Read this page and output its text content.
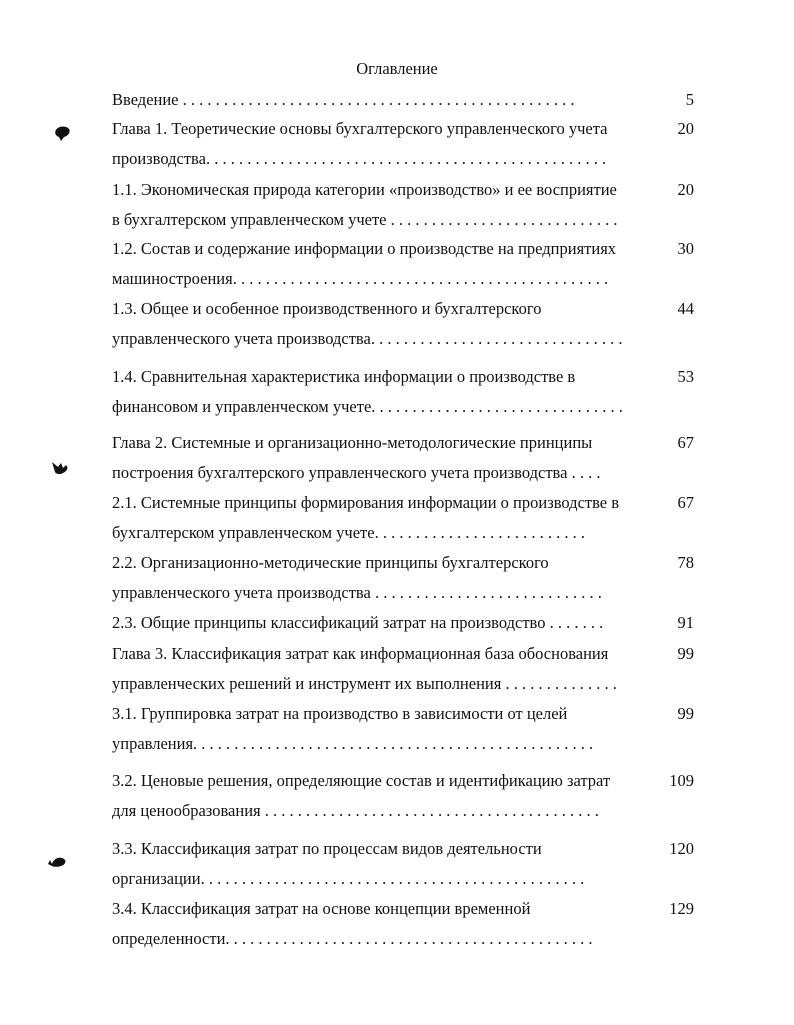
Оглавление
Введение . . . . . . . . . . . . . . . . . . . . . . . . . . . . . . . . . . . . . . . . . . . . . . . .	5
Глава 1. Теоретические основы бухгалтерского управленческого учета
производства. . . . . . . . . . . . . . . . . . . . . . . . . . . . . . . . . . . . . . . . . . . . . . . . .
20
1.1. Экономическая природа категории «производство» и ее восприятие
в бухгалтерском управленческом учете . . . . . . . . . . . . . . . . . . . . . . . . . . . .
20
1.2. Состав и содержание информации о производстве на предприятиях
машиностроения. . . . . . . . . . . . . . . . . . . . . . . . . . . . . . . . . . . . . . . . . . . . . .
30
1.3. Общее и особенное производственного и бухгалтерского
управленческого учета производства. . . . . . . . . . . . . . . . . . . . . . . . . . . . . . .
44
1.4. Сравнительная характеристика информации о производстве в
финансовом и управленческом учете. . . . . . . . . . . . . . . . . . . . . . . . . . . . . . .
53
Глава 2. Системные и организационно-методологические принципы
построения бухгалтерского управленческого учета производства . . . .
67
2.1. Системные принципы формирования информации о производстве в
бухгалтерском управленческом учете. . . . . . . . . . . . . . . . . . . . . . . . . .
67
2.2. Организационно-методические принципы бухгалтерского
управленческого учета производства . . . . . . . . . . . . . . . . . . . . . . . . . . . .
78
2.3. Общие принципы классификаций затрат на производство . . . . . . .	91
Глава 3. Классификация затрат как информационная база обоснования
управленческих решений и инструмент их выполнения . . . . . . . . . . . . . .
99
3.1. Группировка затрат на производство в зависимости от целей
управления. . . . . . . . . . . . . . . . . . . . . . . . . . . . . . . . . . . . . . . . . . . . . . . . .
99
3.2. Ценовые решения, определяющие состав и идентификацию затрат
для ценообразования . . . . . . . . . . . . . . . . . . . . . . . . . . . . . . . . . . . . . . . . .
109
3.3. Классификация затрат по процессам видов деятельности
организации. . . . . . . . . . . . . . . . . . . . . . . . . . . . . . . . . . . . . . . . . . . . . . .
120
3.4. Классификация затрат на основе концепции временной
определенности. . . . . . . . . . . . . . . . . . . . . . . . . . . . . . . . . . . . . . . . . . . . .
129
